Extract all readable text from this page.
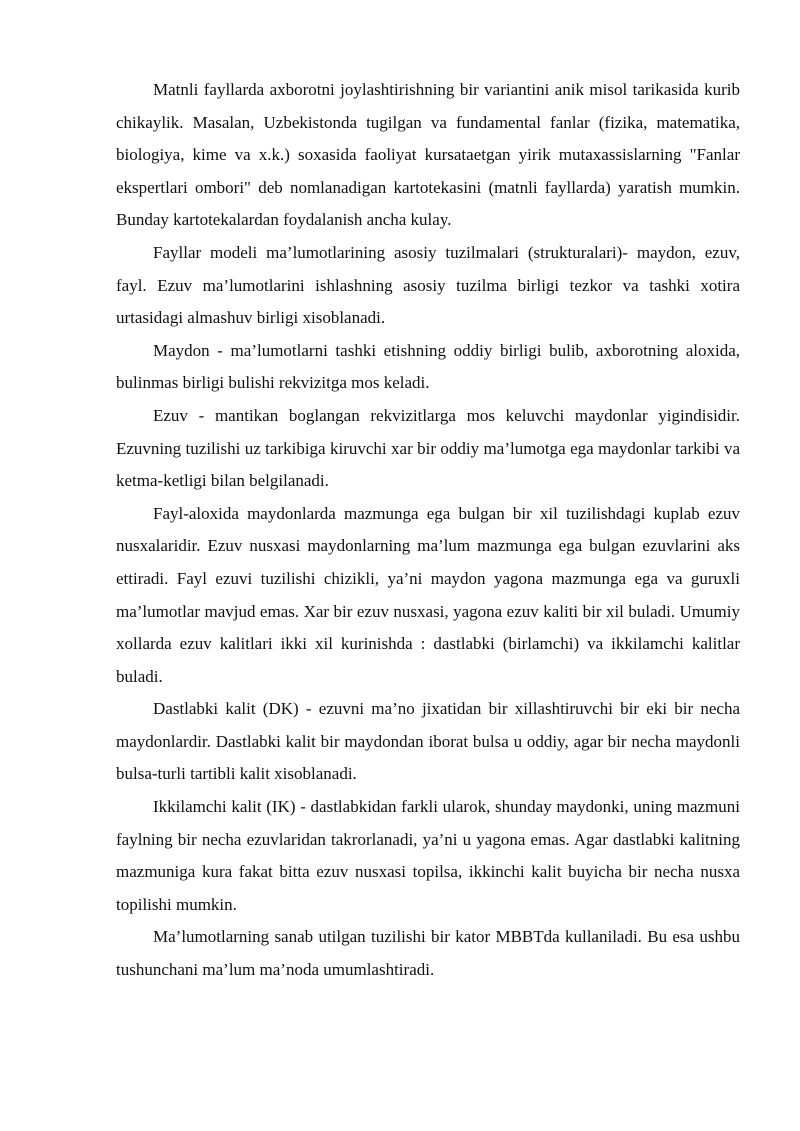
Matnli fayllarda axborotni joylashtirishning bir variantini anik misol tarikasida kurib chikaylik. Masalan, Uzbekistonda tugilgan va fundamental fanlar (fizika, matematika, biologiya, kime va x.k.) soxasida faoliyat kursataetgan yirik mutaxassislarning "Fanlar ekspertlari ombori" deb nomlanadigan kartotekasini (matnli fayllarda) yaratish mumkin. Bunday kartotekalardan foydalanish ancha kulay.

Fayllar modeli ma’lumotlarining asosiy tuzilmalari (strukturalari)- maydon, ezuv, fayl. Ezuv ma’lumotlarini ishlashning asosiy tuzilma birligi tezkor va tashki xotira urtasidagi almashuv birligi xisoblanadi.

Maydon - ma’lumotlarni tashki etishning oddiy birligi bulib, axborotning aloxida, bulinmas birligi bulishi rekvizitga mos keladi.

Ezuv - mantikan boglangan rekvizitlarga mos keluvchi maydonlar yigindisidir. Ezuvning tuzilishi uz tarkibiga kiruvchi xar bir oddiy ma’lumotga ega maydonlar tarkibi va ketma-ketligi bilan belgilanadi.

Fayl-aloxida maydonlarda mazmunga ega bulgan bir xil tuzilishdagi kuplab ezuv nusxalaridir. Ezuv nusxasi maydonlarning ma’lum mazmunga ega bulgan ezuvlarini aks ettiradi. Fayl ezuvi tuzilishi chizikli, ya’ni maydon yagona mazmunga ega va guruxli ma’lumotlar mavjud emas. Xar bir ezuv nusxasi, yagona ezuv kaliti bir xil buladi. Umumiy xollarda ezuv kalitlari ikki xil kurinishda : dastlabki (birlamchi) va ikkilamchi kalitlar buladi.

Dastlabki kalit (DK) - ezuvni ma’no jixatidan bir xillashtiruvchi bir eki bir necha maydonlardir. Dastlabki kalit bir maydondan iborat bulsa u oddiy, agar bir necha maydonli bulsa-turli tartibli kalit xisoblanadi.

Ikkilamchi kalit (IK) - dastlabkidan farkli ularok, shunday maydonki, uning mazmuni faylning bir necha ezuvlaridan takrorlanadi, ya’ni u yagona emas. Agar dastlabki kalitning mazmuniga kura fakat bitta ezuv nusxasi topilsa, ikkinchi kalit buyicha bir necha nusxa topilishi mumkin.

Ma’lumotlarning sanab utilgan tuzilishi bir kator MBBTda kullaniladi. Bu esa ushbu tushunchani ma’lum ma’noda umumlashtiradi.
